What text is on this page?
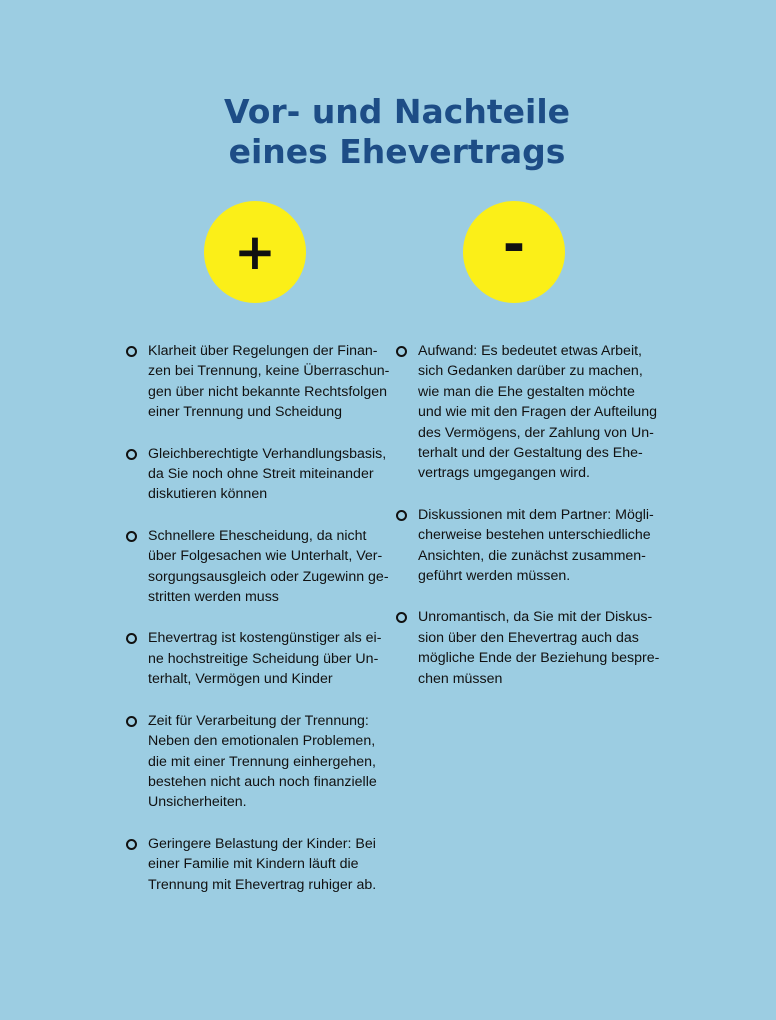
Vor- und Nachteile
eines Ehevertrags
+	-
Klarheit über Regelungen der Finan-
zen bei Trennung, keine Überraschun-
gen über nicht bekannte Rechtsfolgen
einer Trennung und Scheidung
Gleichberechtigte Verhandlungsbasis,
da Sie noch ohne Streit miteinander
diskutieren können
Schnellere Ehescheidung, da nicht
über Folgesachen wie Unterhalt, Ver-
sorgungsausgleich oder Zugewinn ge-
stritten werden muss
Ehevertrag ist kostengünstiger als ei-
ne hochstreitige Scheidung über Un-
terhalt, Vermögen und Kinder
Zeit für Verarbeitung der Trennung:
Neben den emotionalen Problemen,
die mit einer Trennung einhergehen,
bestehen nicht auch noch finanzielle
Unsicherheiten.
Geringere Belastung der Kinder: Bei
einer Familie mit Kindern läuft die
Trennung mit Ehevertrag ruhiger ab.
Aufwand: Es bedeutet etwas Arbeit,
sich Gedanken darüber zu machen,
wie man die Ehe gestalten möchte
und wie mit den Fragen der Aufteilung
des Vermögens, der Zahlung von Un-
terhalt und der Gestaltung des Ehe-
vertrags umgegangen wird.
Diskussionen mit dem Partner: Mögli-
cherweise bestehen unterschiedliche
Ansichten, die zunächst zusammen-
geführt werden müssen.
Unromantisch, da Sie mit der Diskus-
sion über den Ehevertrag auch das
mögliche Ende der Beziehung bespre-
chen müssen
